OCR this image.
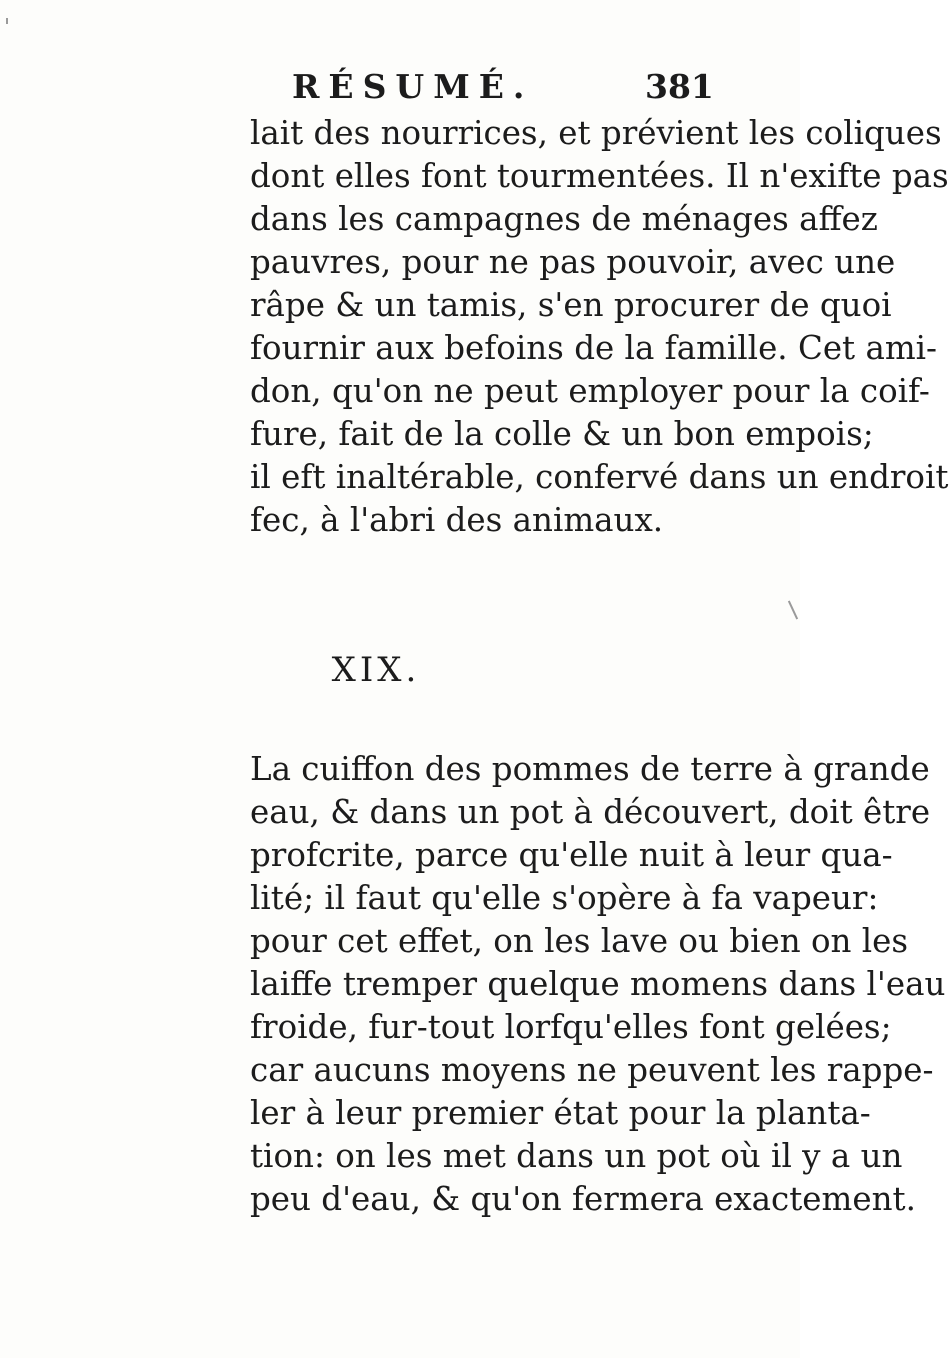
RÉSUMÉ.	381
lait des nourrices, et prévient les coliques
dont elles font tourmentées. Il n'exifte pas
dans les campagnes de ménages affez
pauvres, pour ne pas pouvoir, avec une
râpe & un tamis, s'en procurer de quoi
fournir aux befoins de la famille. Cet ami-
don, qu'on ne peut employer pour la coif-
fure, fait de la colle & un bon empois;
il eft inaltérable, confervé dans un endroit
fec, à l'abri des animaux.
XIX.
La cuiffon des pommes de terre à grande
eau, & dans un pot à découvert, doit être
profcrite, parce qu'elle nuit à leur qua-
lité; il faut qu'elle s'opère à fa vapeur:
pour cet effet, on les lave ou bien on les
laiffe tremper quelque momens dans l'eau
froide, fur-tout lorfqu'elles font gelées;
car aucuns moyens ne peuvent les rappe-
ler à leur premier état pour la planta-
tion: on les met dans un pot où il y a un
peu d'eau, & qu'on fermera exactement.
